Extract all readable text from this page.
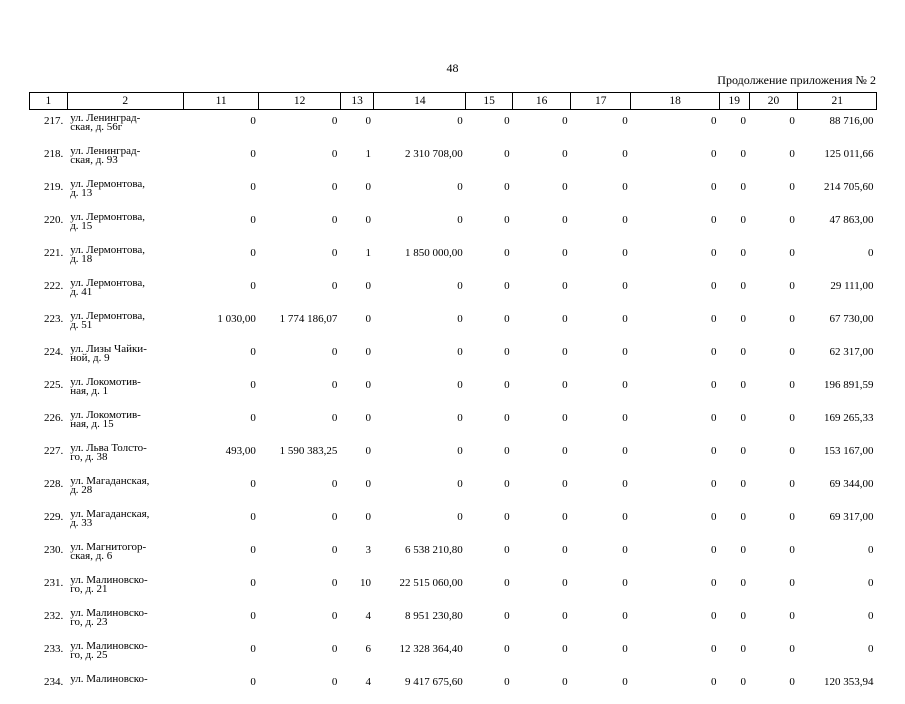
48
Продолжение приложения № 2
1	2	11	12	13	14	15	16	17	18	19	20	21
217.	ул. Ленинград-
ская, д. 56г	0	0	0	0	0	0	0	0	0	0	88 716,00
218.	ул. Ленинград-
ская, д. 93	0	0	1	2 310 708,00	0	0	0	0	0	0	125 011,66
219.	ул. Лермонтова,
д. 13	0	0	0	0	0	0	0	0	0	0	214 705,60
220.	ул. Лермонтова,
д. 15	0	0	0	0	0	0	0	0	0	0	47 863,00
221.	ул. Лермонтова,
д. 18	0	0	1	1 850 000,00	0	0	0	0	0	0	0
222.	ул. Лермонтова,
д. 41	0	0	0	0	0	0	0	0	0	0	29 111,00
223.	ул. Лермонтова,
д. 51	1 030,00	1 774 186,07	0	0	0	0	0	0	0	0	67 730,00
224.	ул. Лизы Чайки-
ной, д. 9	0	0	0	0	0	0	0	0	0	0	62 317,00
225.	ул. Локомотив-
ная, д. 1	0	0	0	0	0	0	0	0	0	0	196 891,59
226.	ул. Локомотив-
ная, д. 15	0	0	0	0	0	0	0	0	0	0	169 265,33
227.	ул. Льва Толсто-
го, д. 38	493,00	1 590 383,25	0	0	0	0	0	0	0	0	153 167,00
228.	ул. Магаданская,
д. 28	0	0	0	0	0	0	0	0	0	0	69 344,00
229.	ул. Магаданская,
д. 33	0	0	0	0	0	0	0	0	0	0	69 317,00
230.	ул. Магнитогор-
ская, д. 6	0	0	3	6 538 210,80	0	0	0	0	0	0	0
231.	ул. Малиновско-
го, д. 21	0	0	10	22 515 060,00	0	0	0	0	0	0	0
232.	ул. Малиновско-
го, д. 23	0	0	4	8 951 230,80	0	0	0	0	0	0	0
233.	ул. Малиновско-
го, д. 25	0	0	6	12 328 364,40	0	0	0	0	0	0	0
234.	ул. Малиновско-	0	0	4	9 417 675,60	0	0	0	0	0	0	120 353,94
